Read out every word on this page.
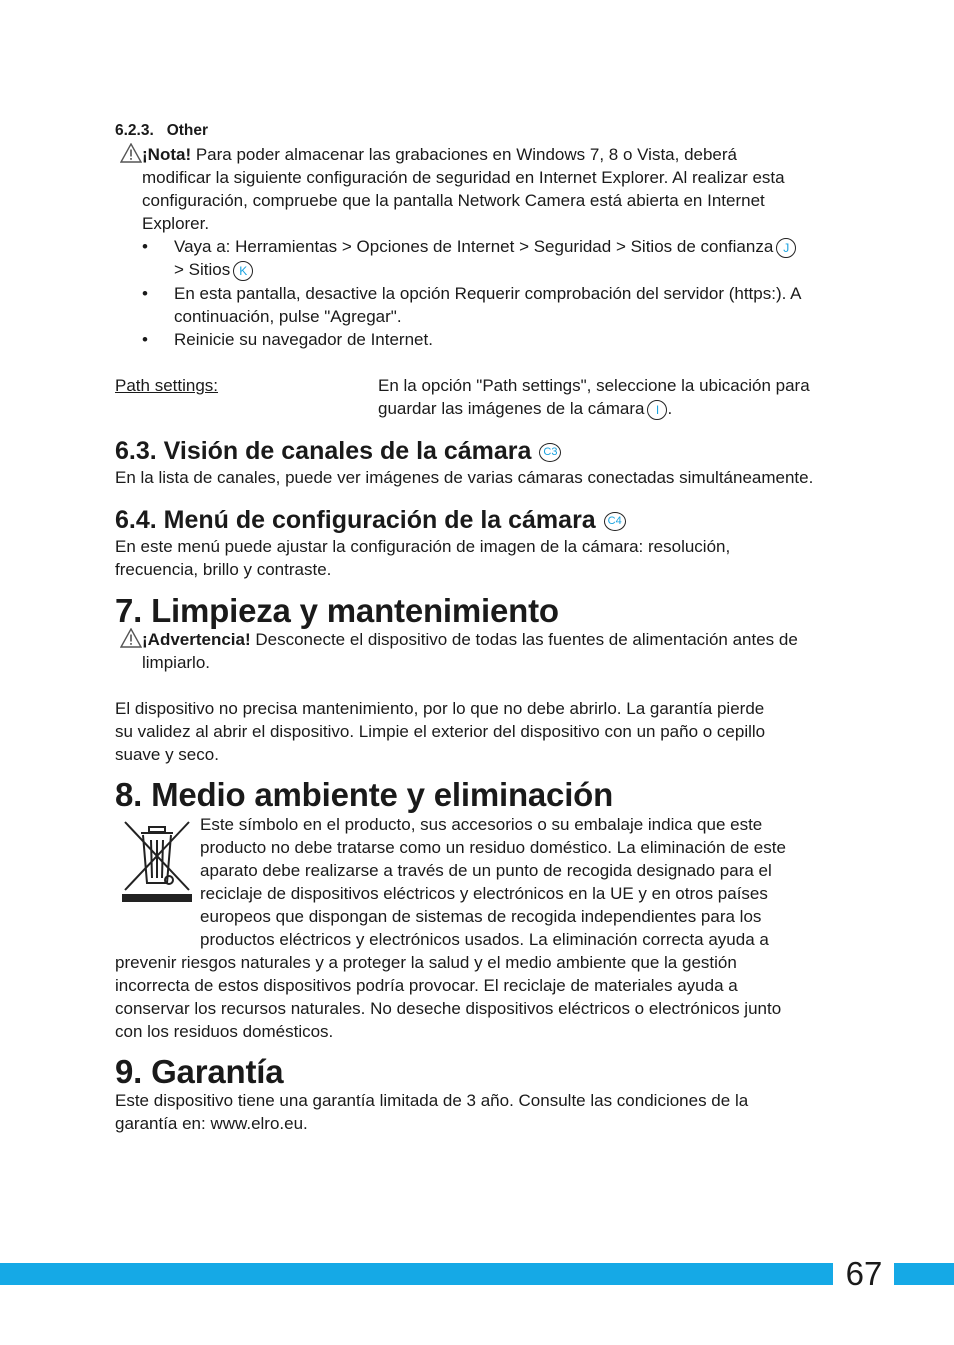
6.2.3. Other
¡Nota! Para poder almacenar las grabaciones en Windows 7, 8 o Vista, deberá
modificar la siguiente configuración de seguridad en Internet Explorer. Al realizar esta
configuración, compruebe que la pantalla Network Camera está abierta en Internet
Explorer.
• Vaya a: Herramientas > Opciones de Internet > Seguridad > Sitios de confianza J
> Sitios K
• En esta pantalla, desactive la opción Requerir comprobación del servidor (https:). A
continuación, pulse "Agregar".
• Reinicie su navegador de Internet.
Path settings:	En la opción "Path settings", seleccione la ubicación para
guardar las imágenes de la cámara I .
6.3. Visión de canales de la cámara C3
En la lista de canales, puede ver imágenes de varias cámaras conectadas simultáneamente.
6.4. Menú de configuración de la cámara C4
En este menú puede ajustar la configuración de imagen de la cámara: resolución,
frecuencia, brillo y contraste.
7. Limpieza y mantenimiento
¡Advertencia! Desconecte el dispositivo de todas las fuentes de alimentación antes de
limpiarlo.
El dispositivo no precisa mantenimiento, por lo que no debe abrirlo. La garantía pierde
su validez al abrir el dispositivo. Limpie el exterior del dispositivo con un paño o cepillo
suave y seco.
8. Medio ambiente y eliminación
Este símbolo en el producto, sus accesorios o su embalaje indica que este
producto no debe tratarse como un residuo doméstico. La eliminación de este
aparato debe realizarse a través de un punto de recogida designado para el
reciclaje de dispositivos eléctricos y electrónicos en la UE y en otros países
europeos que dispongan de sistemas de recogida independientes para los
productos eléctricos y electrónicos usados. La eliminación correcta ayuda a
prevenir riesgos naturales y a proteger la salud y el medio ambiente que la gestión
incorrecta de estos dispositivos podría provocar. El reciclaje de materiales ayuda a
conservar los recursos naturales. No deseche dispositivos eléctricos o electrónicos junto
con los residuos domésticos.
9. Garantía
Este dispositivo tiene una garantía limitada de 3 año. Consulte las condiciones de la
garantía en: www.elro.eu.
67
